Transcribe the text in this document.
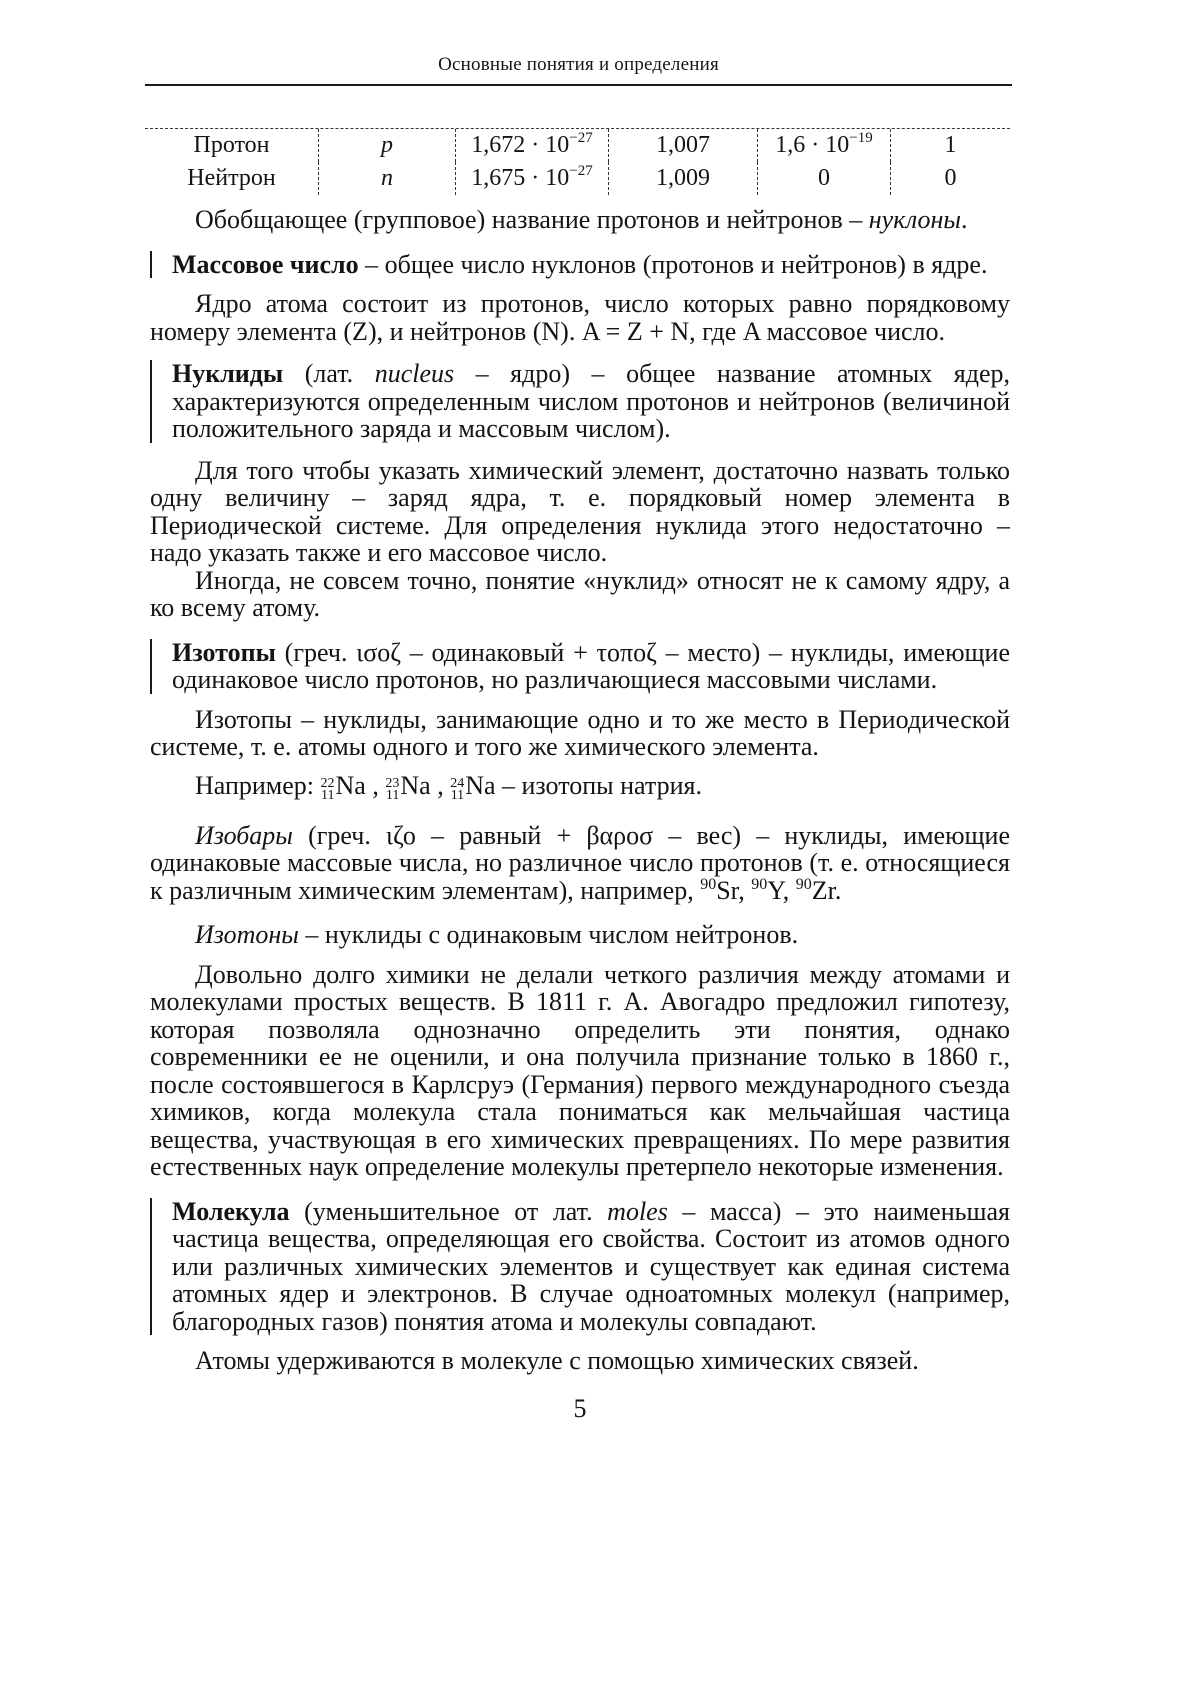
Основные понятия и определения
Протон	p	$1,672 \cdot 10^{-27}$	1,007	$1,6 \cdot 10^{-19}$	1
Нейтрон	n	$1,675 \cdot 10^{-27}$	1,009	0	0

Обобщающее (групповое) название протонов и нейтронов – нуклоны.

Массовое число – общее число нуклонов (протонов и нейтронов) в ядре.

Ядро атома состоит из протонов, число которых равно порядковому номеру элемента (Z), и нейтронов (N). A = Z + N, где A массовое число.

Нуклиды (лат. nucleus – ядро) – общее название атомных ядер, характеризуются определенным числом протонов и нейтронов (величиной положительного заряда и массовым числом).

Для того чтобы указать химический элемент, достаточно назвать только одну величину – заряд ядра, т. е. порядковый номер элемента в Периодической системе. Для определения нуклида этого недостаточно – надо указать также и его массовое число.

Иногда, не совсем точно, понятие «нуклид» относят не к самому ядру, а ко всему атому.

Изотопы (греч. ισοζ – одинаковый + τοποζ – место) – нуклиды, имеющие одинаковое число протонов, но различающиеся массовыми числами.

Изотопы – нуклиды, занимающие одно и то же место в Периодической системе, т. е. атомы одного и того же химического элемента.

Например: 22
11 Na , 23
11 Na , 24
11 Na – изотопы натрия.

Изобары (греч. ιζο – равный + βαροσ – вес) – нуклиды, имеющие одинаковые массовые числа, но различное число протонов (т. е. относящиеся к различным химическим элементам), например, $^{90}$Sr, $^{90}$Y, $^{90}$Zr.

Изотоны – нуклиды с одинаковым числом нейтронов.

Довольно долго химики не делали четкого различия между атомами и молекулами простых веществ. В 1811 г. А. Авогадро предложил гипотезу, которая позволяла однозначно определить эти понятия, однако современники ее не оценили, и она получила признание только в 1860 г., после состоявшегося в Карлсруэ (Германия) первого международного съезда химиков, когда молекула стала пониматься как мельчайшая частица вещества, участвующая в его химических превращениях. По мере развития естественных наук определение молекулы претерпело некоторые изменения.

Молекула (уменьшительное от лат. moles – масса) – это наименьшая частица вещества, определяющая его свойства. Состоит из атомов одного или различных химических элементов и существует как единая система атомных ядер и электронов. В случае одноатомных молекул (например, благородных газов) понятия атома и молекулы совпадают.

Атомы удерживаются в молекуле с помощью химических связей.

5
